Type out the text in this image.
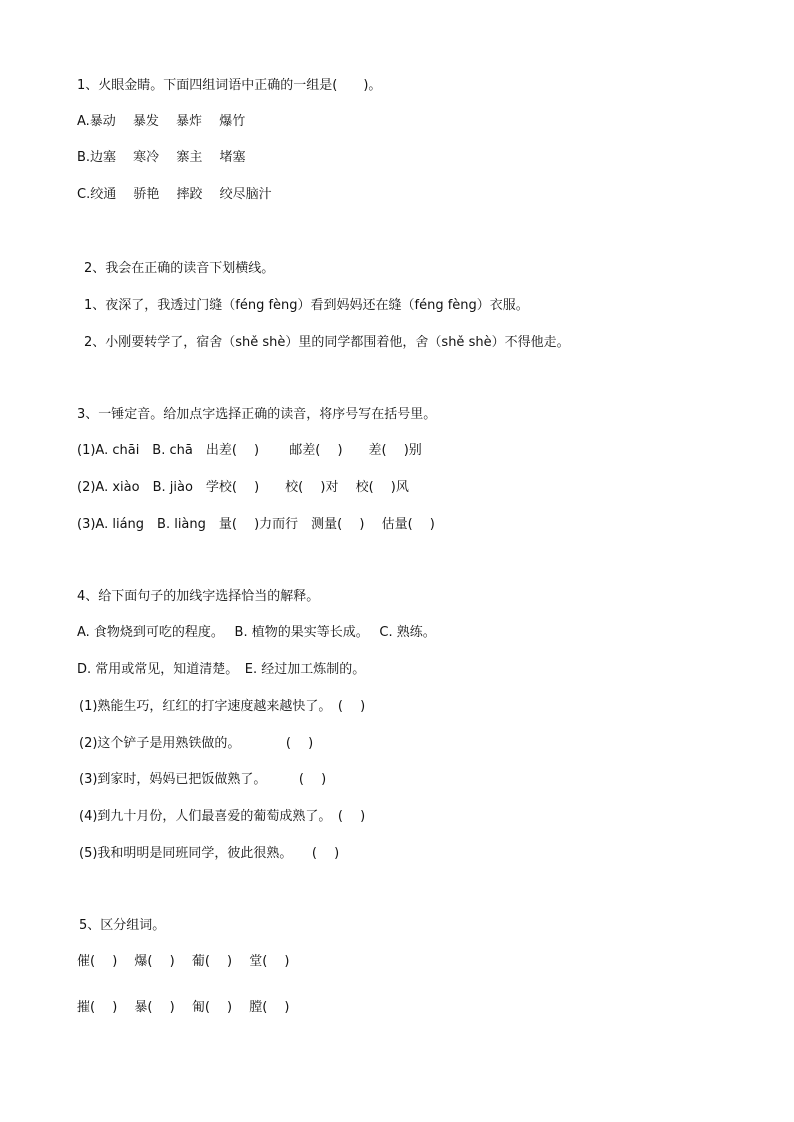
1、火眼金睛。下面四组词语中正确的一组是(　　)。
A.暴动　 暴发　 暴炸　 爆竹
B.边塞　 寒冷　 寨主　 堵塞
C.绞通　 骄艳　 摔跤　 绞尽脑汁
2、我会在正确的读音下划横线。
1、夜深了，我透过门缝（féng fèng）看到妈妈还在缝（féng fèng）衣服。
2、小刚要转学了，宿舍（shě shè）里的同学都围着他，舍（shě shè）不得他走。
3、一锤定音。给加点字选择正确的读音，将序号写在括号里。
(1)A. chāi　B. chā　出差(　 )　　 邮差(　 )　　差(　 )别
(2)A. xiào　B. jiào　学校(　 )　　校(　 )对　 校(　 )风
(3)A. liáng　B. liàng　量(　 )力而行　测量(　 )　 估量(　 )
4、给下面句子的加线字选择恰当的解释。
A. 食物烧到可吃的程度。　 B. 植物的果实等长成。　 C. 熟练。
D. 常用或常见，知道清楚。　E. 经过加工炼制的。
(1)熟能生巧，红红的打字速度越来越快了。　(　 )
(2)这个铲子是用熟铁做的。　　　　(　 )
(3)到家时，妈妈已把饭做熟了。　　　(　 )
(4)到九十月份，人们最喜爱的葡萄成熟了。　(　 )
(5)我和明明是同班同学，彼此很熟。　　(　 )
5、区分组词。
催(　 )　 爆(　 )　 葡(　 )　 堂(　 )
摧(　 )　 暴(　 )　 匍(　 )　 膛(　 )
